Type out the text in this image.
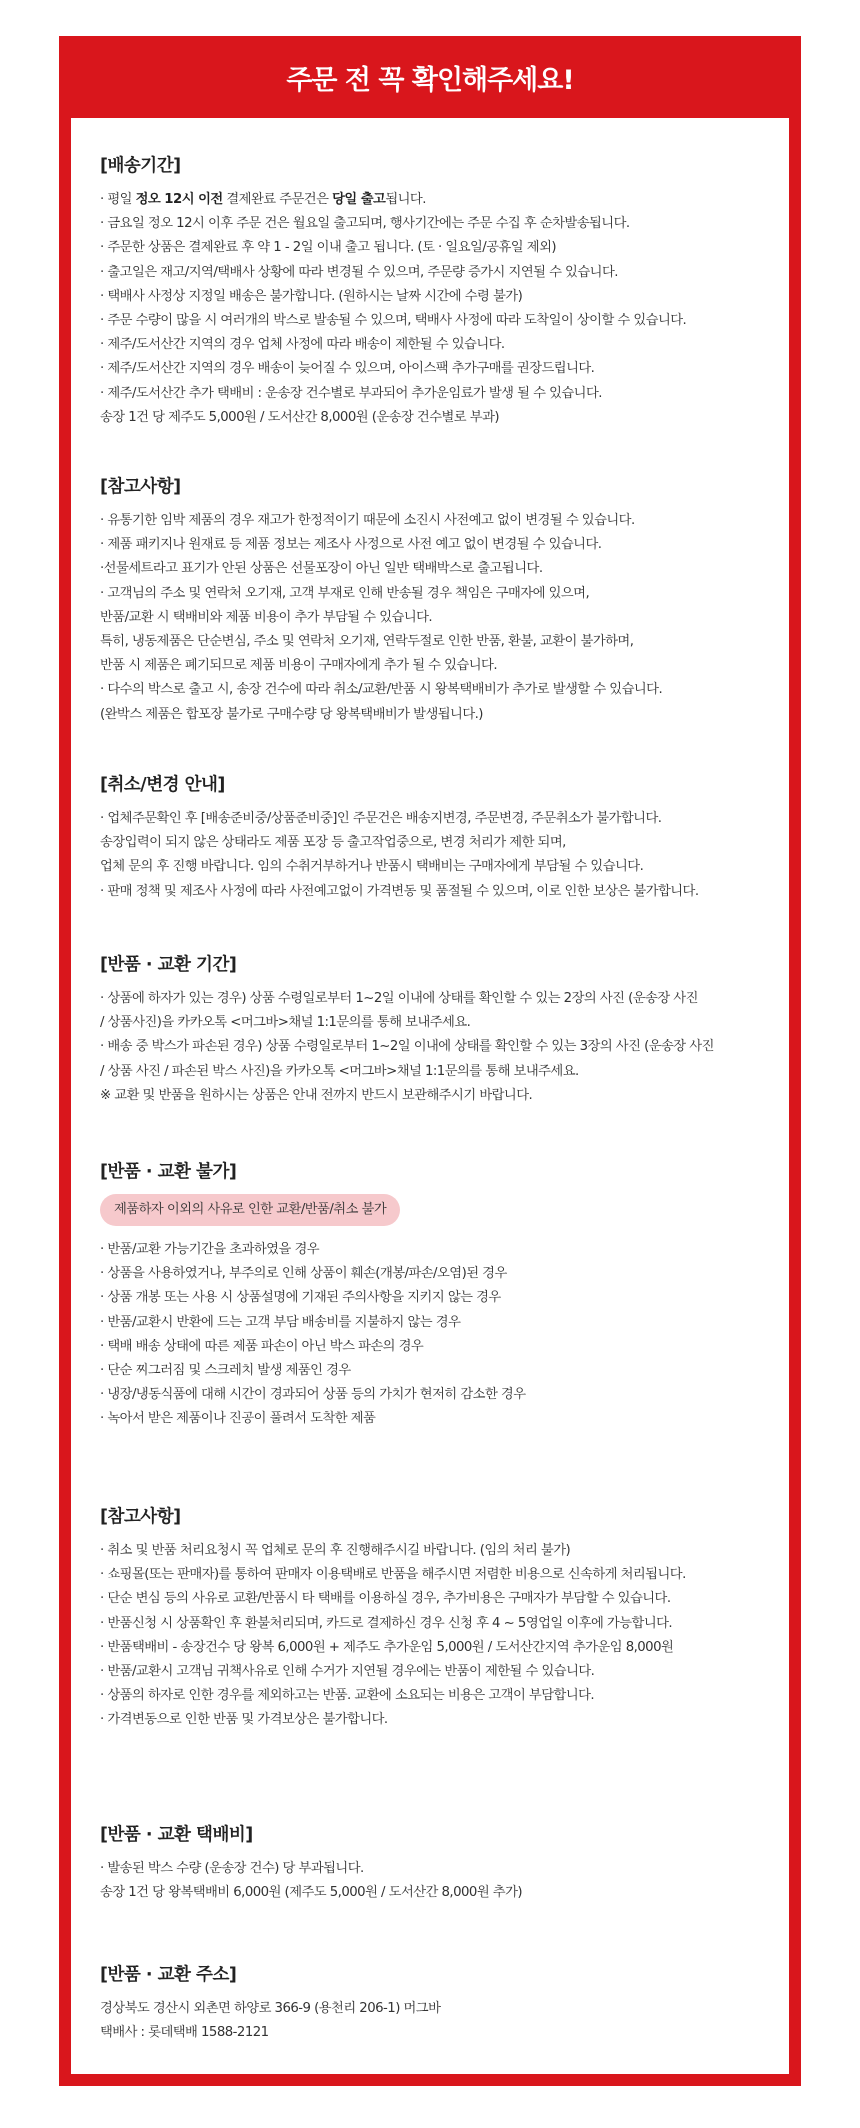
주문 전 꼭 확인해주세요!
[배송기간]
· 평일 정오 12시 이전 결제완료 주문건은 당일 출고됩니다.
· 금요일 정오 12시 이후 주문 건은 월요일 출고되며, 행사기간에는 주문 수집 후 순차발송됩니다.
· 주문한 상품은 결제완료 후 약 1 - 2일 이내 출고 됩니다. (토 · 일요일/공휴일 제외)
· 출고일은 재고/지역/택배사 상황에 따라 변경될 수 있으며, 주문량 증가시 지연될 수 있습니다.
· 택배사 사정상 지정일 배송은 불가합니다. (원하시는 날짜 시간에 수령 불가)
· 주문 수량이 많을 시 여러개의 박스로 발송될 수 있으며, 택배사 사정에 따라 도착일이 상이할 수 있습니다.
· 제주/도서산간 지역의 경우 업체 사정에 따라 배송이 제한될 수 있습니다.
· 제주/도서산간 지역의 경우 배송이 늦어질 수 있으며, 아이스팩 추가구매를 권장드립니다.
· 제주/도서산간 추가 택배비 : 운송장 건수별로 부과되어 추가운임료가 발생 될 수 있습니다.
송장 1건 당 제주도 5,000원 / 도서산간 8,000원 (운송장 건수별로 부과)
[참고사항]
· 유통기한 임박 제품의 경우 재고가 한정적이기 때문에 소진시 사전예고 없이 변경될 수 있습니다.
· 제품 패키지나 원재료 등 제품 정보는 제조사 사정으로 사전 예고 없이 변경될 수 있습니다.
·선물세트라고 표기가 안된 상품은 선물포장이 아닌 일반 택배박스로 출고됩니다.
· 고객님의 주소 및 연락처 오기재, 고객 부재로 인해 반송될 경우 책임은 구매자에 있으며,
반품/교환 시 택배비와 제품 비용이 추가 부담될 수 있습니다.
특히, 냉동제품은 단순변심, 주소 및 연락처 오기재, 연락두절로 인한 반품, 환불, 교환이 불가하며,
반품 시 제품은 폐기되므로 제품 비용이 구매자에게 추가 될 수 있습니다.
· 다수의 박스로 출고 시, 송장 건수에 따라 취소/교환/반품 시 왕복택배비가 추가로 발생할 수 있습니다.
(완박스 제품은 합포장 불가로 구매수량 당 왕복택배비가 발생됩니다.)
[취소/변경 안내]
· 업체주문확인 후 [배송준비중/상품준비중]인 주문건은 배송지변경, 주문변경, 주문취소가 불가합니다.
송장입력이 되지 않은 상태라도 제품 포장 등 출고작업중으로, 변경 처리가 제한 되며,
업체 문의 후 진행 바랍니다. 임의 수취거부하거나 반품시 택배비는 구매자에게 부담될 수 있습니다.
· 판매 정책 및 제조사 사정에 따라 사전예고없이 가격변동 및 품절될 수 있으며, 이로 인한 보상은 불가합니다.
[반품 · 교환 기간]
· 상품에 하자가 있는 경우) 상품 수령일로부터 1~2일 이내에 상태를 확인할 수 있는 2장의 사진 (운송장 사진
/ 상품사진)을 카카오톡 <머그바>채널 1:1문의를 통해 보내주세요.
· 배송 중 박스가 파손된 경우) 상품 수령일로부터 1~2일 이내에 상태를 확인할 수 있는 3장의 사진 (운송장 사진
/ 상품 사진 / 파손된 박스 사진)을 카카오톡 <머그바>채널 1:1문의를 통해 보내주세요.
※ 교환 및 반품을 원하시는 상품은 안내 전까지 반드시 보관해주시기 바랍니다.
[반품 · 교환 불가]
제품하자 이외의 사유로 인한 교환/반품/취소 불가
· 반품/교환 가능기간을 초과하였을 경우
· 상품을 사용하였거나, 부주의로 인해 상품이 훼손(개봉/파손/오염)된 경우
· 상품 개봉 또는 사용 시 상품설명에 기재된 주의사항을 지키지 않는 경우
· 반품/교환시 반환에 드는 고객 부담 배송비를 지불하지 않는 경우
· 택배 배송 상태에 따른 제품 파손이 아닌 박스 파손의 경우
· 단순 찌그러짐 및 스크레치 발생 제품인 경우
· 냉장/냉동식품에 대해 시간이 경과되어 상품 등의 가치가 현저히 감소한 경우
· 녹아서 받은 제품이나 진공이 풀려서 도착한 제품
[참고사항]
· 취소 및 반품 처리요청시 꼭 업체로 문의 후 진행해주시길 바랍니다. (임의 처리 불가)
· 쇼핑몰(또는 판매자)를 통하여 판매자 이용택배로 반품을 해주시면 저렴한 비용으로 신속하게 처리됩니다.
· 단순 변심 등의 사유로 교환/반품시 타 택배를 이용하실 경우, 추가비용은 구매자가 부담할 수 있습니다.
· 반품신청 시 상품확인 후 환불처리되며, 카드로 결제하신 경우 신청 후 4 ~ 5영업일 이후에 가능합니다.
· 반품택배비 - 송장건수 당 왕복 6,000원 + 제주도 추가운임 5,000원 / 도서산간지역 추가운임 8,000원
· 반품/교환시 고객님 귀책사유로 인해 수거가 지연될 경우에는 반품이 제한될 수 있습니다.
· 상품의 하자로 인한 경우를 제외하고는 반품. 교환에 소요되는 비용은 고객이 부담합니다.
· 가격변동으로 인한 반품 및 가격보상은 불가합니다.
[반품 · 교환 택배비]
· 발송된 박스 수량 (운송장 건수) 당 부과됩니다.
송장 1건 당 왕복택배비 6,000원 (제주도 5,000원 / 도서산간 8,000원 추가)
[반품 · 교환 주소]
경상북도 경산시 외촌면 하양로 366-9 (용천리 206-1) 머그바
택배사 : 롯데택배 1588-2121
